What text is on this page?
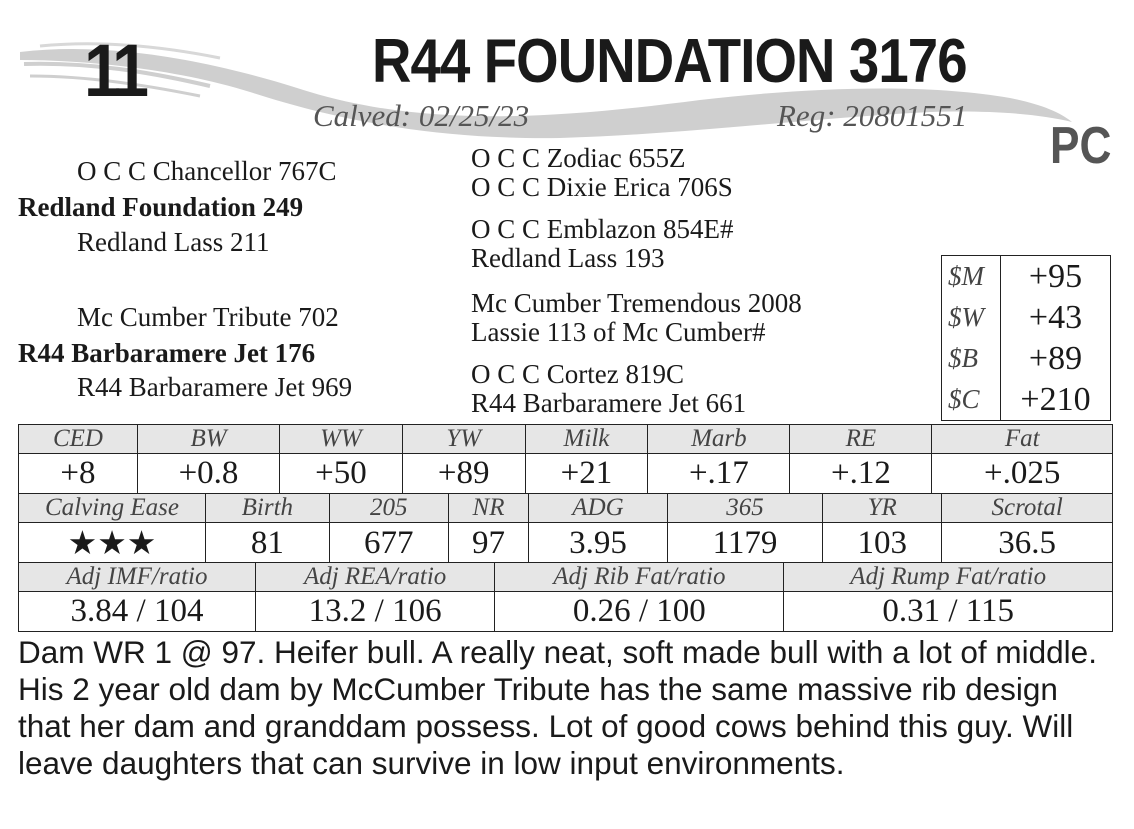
11	R44 FOUNDATION 3176
Calved: 02/25/23	Reg: 20801551
PC
O C C Chancellor 767C
Redland Foundation 249
Redland Lass 211
Mc Cumber Tribute 702
R44 Barbaramere Jet 176
R44 Barbaramere Jet 969
O C C Zodiac 655Z
O C C Dixie Erica 706S
O C C Emblazon 854E#
Redland Lass 193
Mc Cumber Tremendous 2008
Lassie 113 of Mc Cumber#
O C C Cortez 819C
R44 Barbaramere Jet 661
$M	+95
$W	+43
$B	+89
$C	+210
CED	BW	WW	YW	Milk	Marb	RE	Fat
+8	+0.8	+50	+89	+21	+.17	+.12	+.025
Calving Ease	Birth	205	NR	ADG	365	YR	Scrotal
★★★	81	677	97	3.95	1179	103	36.5
Adj IMF/ratio	Adj REA/ratio	Adj Rib Fat/ratio	Adj Rump Fat/ratio
3.84 / 104	13.2 / 106	0.26 / 100	0.31 / 115
Dam WR 1 @ 97. Heifer bull. A really neat, soft made bull with a lot of middle. His 2 year old dam by McCumber Tribute has the same massive rib design that her dam and granddam possess. Lot of good cows behind this guy. Will leave daughters that can survive in low input environments.
